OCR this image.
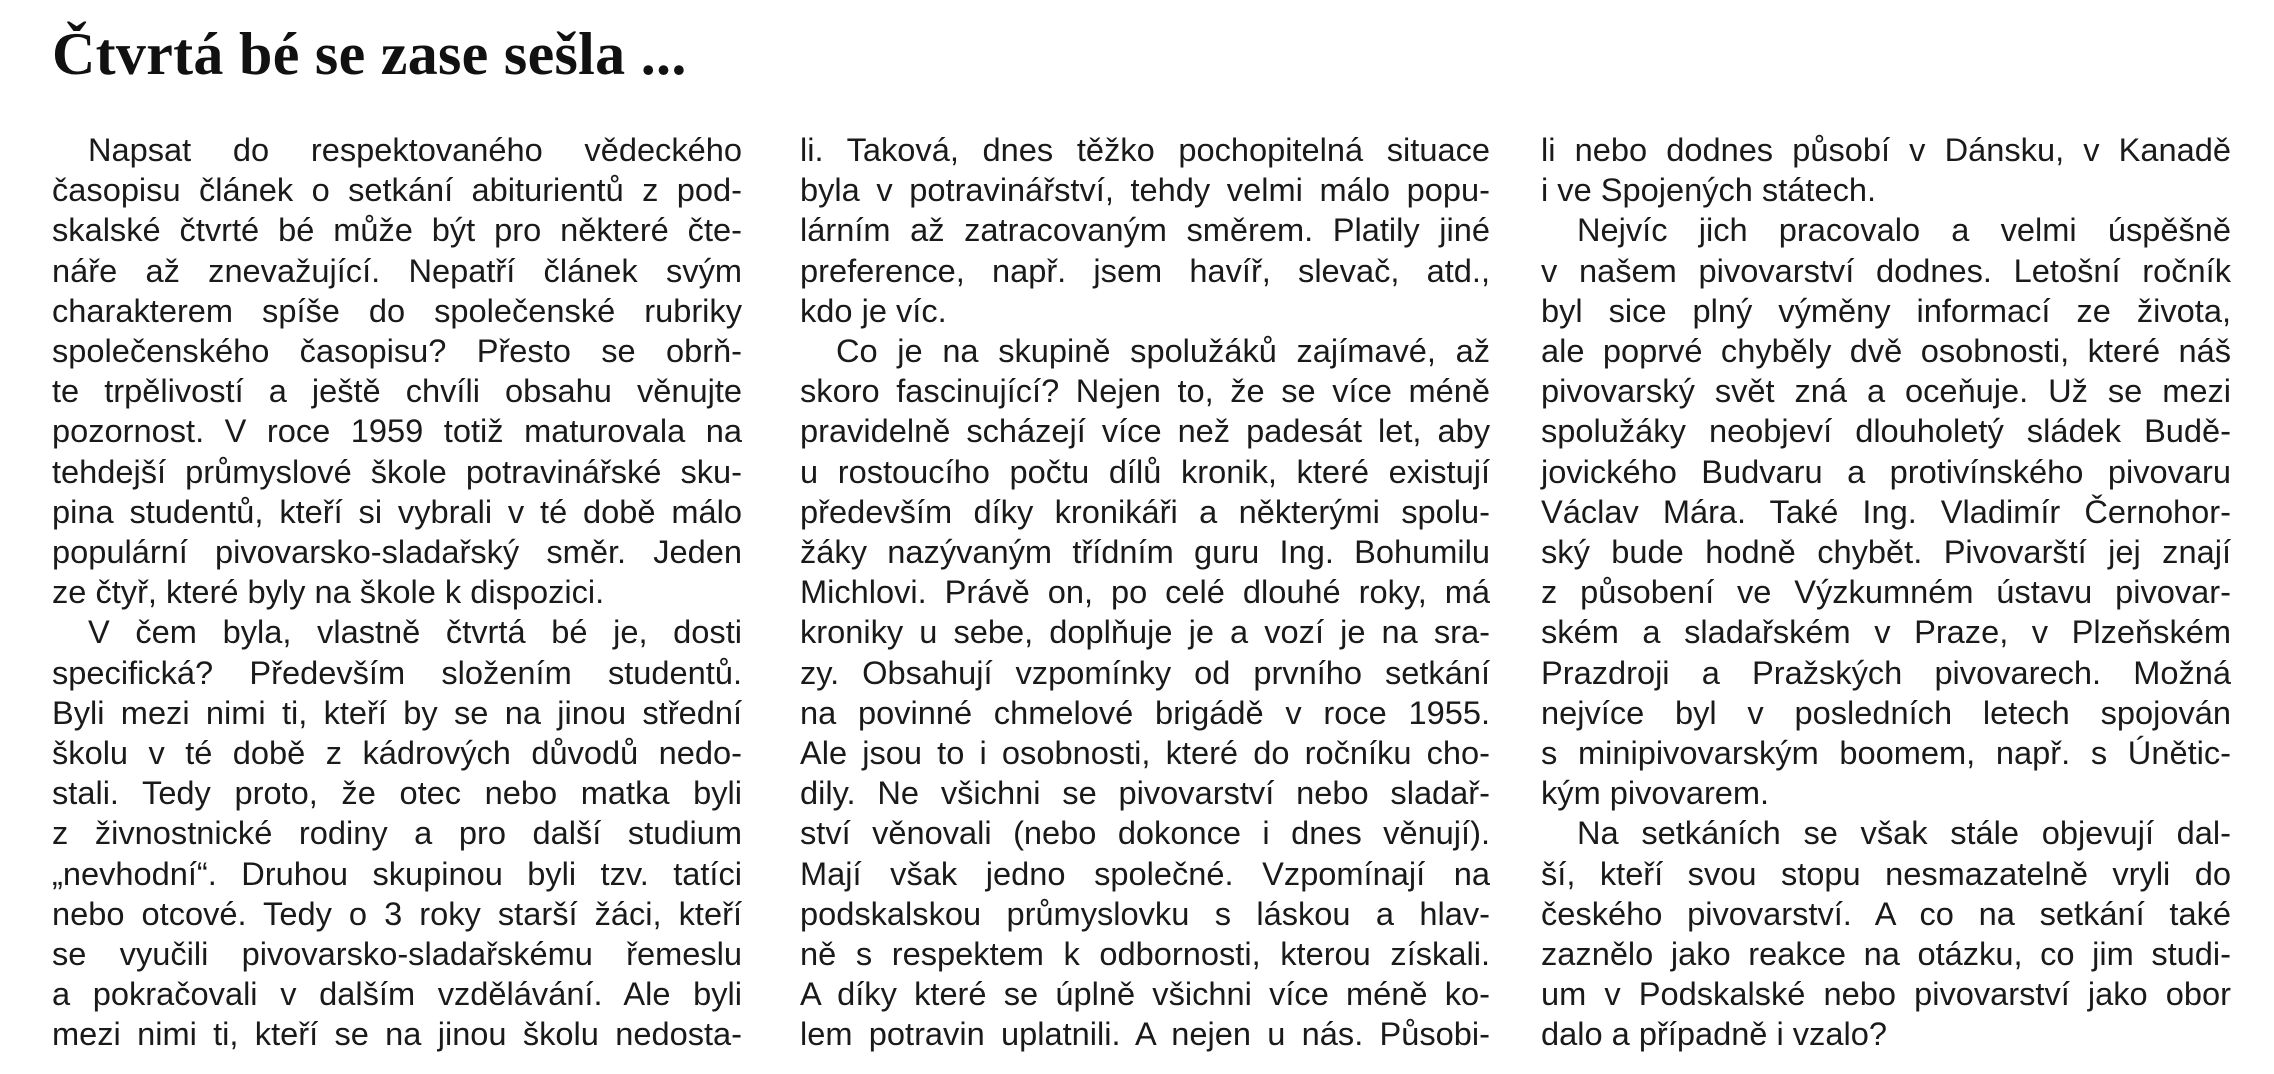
Čtvrtá bé se zase sešla ...
Napsat do respektovaného vědeckého
časopisu článek o setkání abiturientů z pod-
skalské čtvrté bé může být pro některé čte-
náře až znevažující. Nepatří článek svým
charakterem spíše do společenské rubriky
společenského časopisu? Přesto se obrň-
te trpělivostí a ještě chvíli obsahu věnujte
pozornost. V roce 1959 totiž maturovala na
tehdejší průmyslové škole potravinářské sku-
pina studentů, kteří si vybrali v té době málo
populární pivovarsko-sladařský směr. Jeden
ze čtyř, které byly na škole k dispozici.
V čem byla, vlastně čtvrtá bé je, dosti
specifická? Především složením studentů.
Byli mezi nimi ti, kteří by se na jinou střední
školu v té době z kádrových důvodů nedo-
stali. Tedy proto, že otec nebo matka byli
z živnostnické rodiny a pro další studium
„nevhodní“. Druhou skupinou byli tzv. tatíci
nebo otcové. Tedy o 3 roky starší žáci, kteří
se vyučili pivovarsko-sladařskému řemeslu
a pokračovali v dalším vzdělávání. Ale byli
mezi nimi ti, kteří se na jinou školu nedosta-
li. Taková, dnes těžko pochopitelná situace
byla v potravinářství, tehdy velmi málo popu-
lárním až zatracovaným směrem. Platily jiné
preference, např. jsem havíř, slevač, atd.,
kdo je víc.
Co je na skupině spolužáků zajímavé, až
skoro fascinující? Nejen to, že se více méně
pravidelně scházejí více než padesát let, aby
u rostoucího počtu dílů kronik, které existují
především díky kronikáři a některými spolu-
žáky nazývaným třídním guru Ing. Bohumilu
Michlovi. Právě on, po celé dlouhé roky, má
kroniky u sebe, doplňuje je a vozí je na sra-
zy. Obsahují vzpomínky od prvního setkání
na povinné chmelové brigádě v roce 1955.
Ale jsou to i osobnosti, které do ročníku cho-
dily. Ne všichni se pivovarství nebo sladař-
ství věnovali (nebo dokonce i dnes věnují).
Mají však jedno společné. Vzpomínají na
podskalskou průmyslovku s láskou a hlav-
ně s respektem k odbornosti, kterou získali.
A díky které se úplně všichni více méně ko-
lem potravin uplatnili. A nejen u nás. Působi-
li nebo dodnes působí v Dánsku, v Kanadě
i ve Spojených státech.
Nejvíc jich pracovalo a velmi úspěšně
v našem pivovarství dodnes. Letošní ročník
byl sice plný výměny informací ze života,
ale poprvé chyběly dvě osobnosti, které náš
pivovarský svět zná a oceňuje. Už se mezi
spolužáky neobjeví dlouholetý sládek Budě-
jovického Budvaru a protivínského pivovaru
Václav Mára. Také Ing. Vladimír Černohor-
ský bude hodně chybět. Pivovarští jej znají
z působení ve Výzkumném ústavu pivovar-
ském a sladařském v Praze, v Plzeňském
Prazdroji a Pražských pivovarech. Možná
nejvíce byl v posledních letech spojován
s minipivovarským boomem, např. s Únětic-
kým pivovarem.
Na setkáních se však stále objevují dal-
ší, kteří svou stopu nesmazatelně vryli do
českého pivovarství. A co na setkání také
zaznělo jako reakce na otázku, co jim studi-
um v Podskalské nebo pivovarství jako obor
dalo a případně i vzalo?
